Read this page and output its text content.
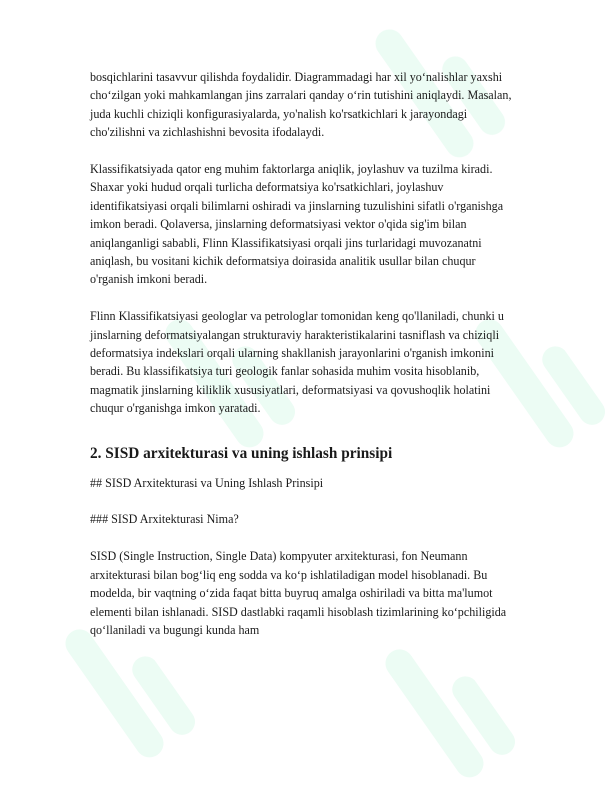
bosqichlarini tasavvur qilishda foydalidir. Diagrammadagi har xil yo‘nalishlar yaxshi cho‘zilgan yoki mahkamlangan jins zarralari qanday o‘rin tutishini aniqlaydi. Masalan, juda kuchli chiziqli konfigurasiyalarda, yo'nalish ko'rsatkichlari k jarayondagi cho'zilishni va zichlashishni bevosita ifodalaydi.

Klassifikatsiyada qator eng muhim faktorlarga aniqlik, joylashuv va tuzilma kiradi. Shaxar yoki hudud orqali turlicha deformatsiya ko'rsatkichlari, joylashuv identifikatsiyasi orqali bilimlarni oshiradi va jinslarning tuzulishini sifatli o'rganishga imkon beradi. Qolaversa, jinslarning deformatsiyasi vektor o'qida sig'im bilan aniqlanganligi sababli, Flinn Klassifikatsiyasi orqali jins turlaridagi muvozanatni aniqlash, bu vositani kichik deformatsiya doirasida analitik usullar bilan chuqur o'rganish imkoni beradi.

Flinn Klassifikatsiyasi geologlar va petrologlar tomonidan keng qo'llaniladi, chunki u jinslarning deformatsiyalangan strukturaviy harakteristikalarini tasniflash va chiziqli deformatsiya indekslari orqali ularning shakllanish jarayonlarini o'rganish imkonini beradi. Bu klassifikatsiya turi geologik fanlar sohasida muhim vosita hisoblanib, magmatik jinslarning kiliklik xususiyatlari, deformatsiyasi va qovushoqlik holatini chuqur o'rganishga imkon yaratadi.

2. SISD arxitekturasi va uning ishlash prinsipi

## SISD Arxitekturasi va Uning Ishlash Prinsipi

### SISD Arxitekturasi Nima?

SISD (Single Instruction, Single Data) kompyuter arxitekturasi, fon Neumann arxitekturasi bilan bog‘liq eng sodda va ko‘p ishlatiladigan model hisoblanadi. Bu modelda, bir vaqtning o‘zida faqat bitta buyruq amalga oshiriladi va bitta ma'lumot elementi bilan ishlanadi. SISD dastlabki raqamli hisoblash tizimlarining ko‘pchiligida qo‘llaniladi va bugungi kunda ham
